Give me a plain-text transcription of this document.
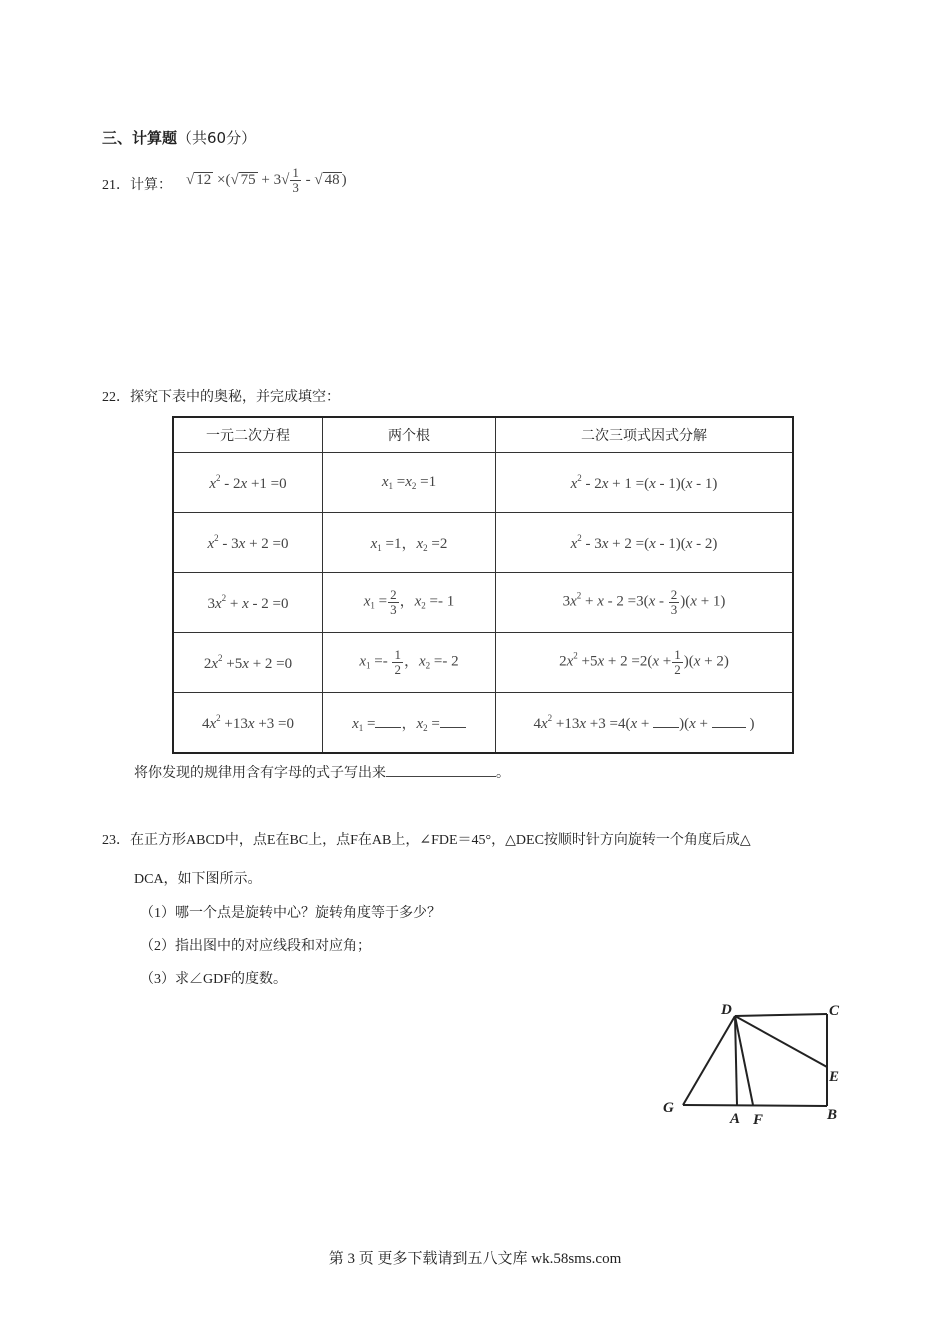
三、计算题（共60分）
21．计算： √ 12 ×(√ $75 + 3√ \frac{1}{3}$ - √ 48 )
22．探究下表中的奥秘，并完成填空：
一元二次方程	两个根	二次三项式因式分解
$x^2 - 2x +1 =0$	$x_1 =x_2 =1$	$x^2 - 2x + 1 =(x - 1)(x - 1)$
$x^2 - 3x + 2 =0$	$x_1 =1$，$x_2 =2$	$x^2 - 3x + 2 =(x - 1)(x - 2)$
$3x^2 + x - 2 =0$	$x_1 = \frac{2}{3}$ ，$x_2 =- 1$	$3x^2 + x - 2 =3(x - \frac{2}{3} )(x + 1)$
$2x^2 +5x + 2 =0$	$x_1 =- \frac{1}{2}$ ，$x_2 =- 2$	$2x^2 +5x + 2 =2(x + \frac{1}{2} )(x + 2)$
$4x^2 +13x +3 =0$	$x_1$ = ，$x_2$ =	$4x^2 +13x +3 =4(x + )(x$ +  )
将你发现的规律用含有字母的式子写出来	。
23．在正方形ABCD中，点E在BC上，点F在AB上，∠FDE＝45°，△DEC按顺时针方向旋转一个角度后成△
DCA，如下图所示。
（1）哪一个点是旋转中心？旋转角度等于多少？
（2）指出图中的对应线段和对应角；
（3）求∠GDF的度数。
D	C
E
G
A F	B
第 3 页 更多下载请到五八文库 wk.58sms.com
